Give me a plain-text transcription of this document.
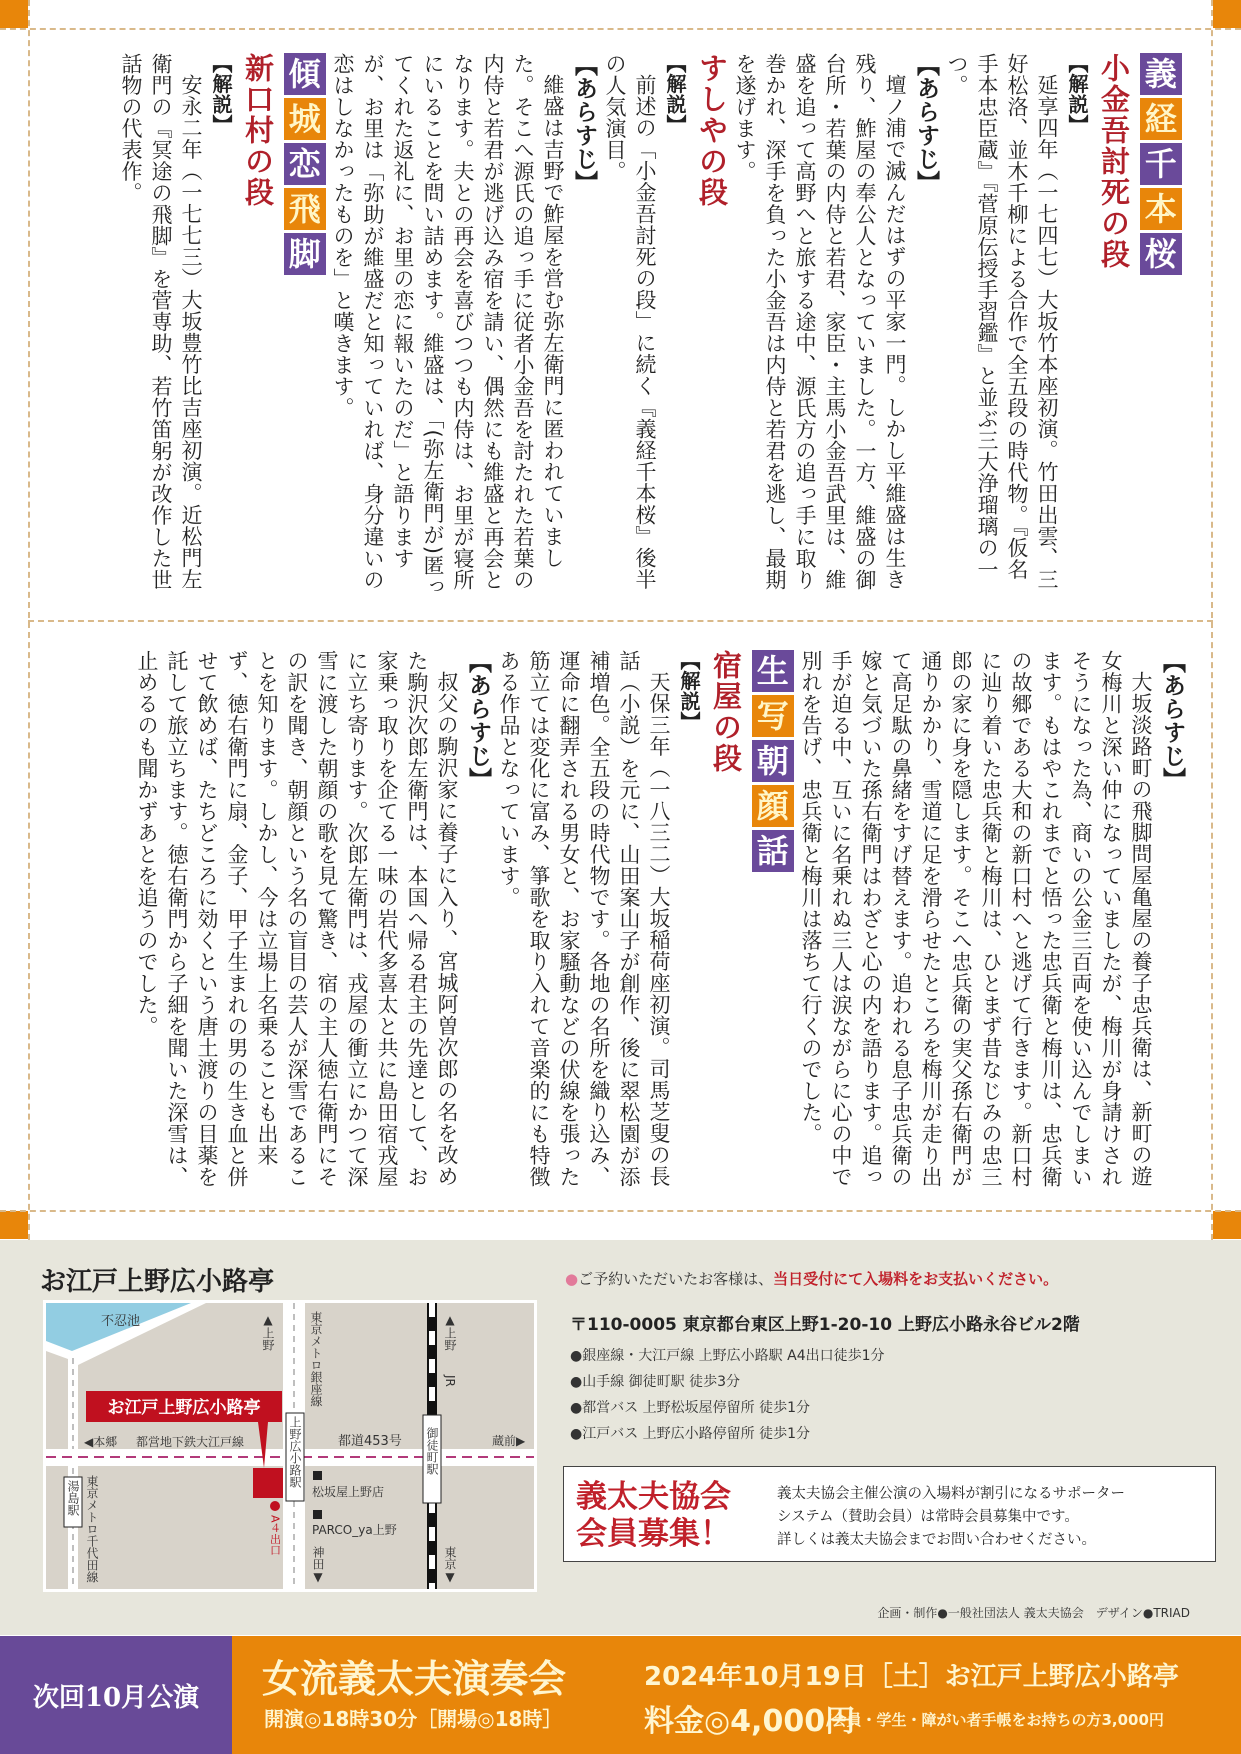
義経千本桜
小金吾討死の段
【解説】

延享四年（一七四七）大坂竹本座初演。竹田出雲、三好松洛、並木千柳による合作で全五段の時代物。『仮名手本忠臣蔵』『菅原伝授手習鑑』と並ぶ三大浄瑠璃の一つ。

【あらすじ】

壇ノ浦で滅んだはずの平家一門。しかし平維盛は生き残り、鮓屋の奉公人となっていました。一方、維盛の御台所・若葉の内侍と若君、家臣・主馬小金吾武里は、維盛を追って高野へと旅する途中、源氏方の追っ手に取り巻かれ、深手を負った小金吾は内侍と若君を逃し、最期を遂げます。

すしやの段
【解説】

前述の「小金吾討死の段」に続く『義経千本桜』後半の人気演目。

【あらすじ】

維盛は吉野で鮓屋を営む弥左衛門に匿われていました。そこへ源氏の追っ手に従者小金吾を討たれた若葉の内侍と若君が逃げ込み宿を請い、偶然にも維盛と再会となります。夫との再会を喜びつつも内侍は、お里が寝所にいることを問い詰めます。維盛は、「(弥左衛門が)匿ってくれた返礼に、お里の恋に報いたのだ」と語りますが、お里は「弥助が維盛だと知っていれば、身分違いの恋はしなかったものを」と嘆きます。

傾城恋飛脚
新口村の段
【解説】

安永二年（一七七三）大坂豊竹比吉座初演。近松門左衛門の『冥途の飛脚』を菅専助、若竹笛躬が改作した世話物の代表作。

【あらすじ】

大坂淡路町の飛脚問屋亀屋の養子忠兵衛は、新町の遊女梅川と深い仲になっていましたが、梅川が身請けされそうになった為、商いの公金三百両を使い込んでしまいます。もはやこれまでと悟った忠兵衛と梅川は、忠兵衛の故郷である大和の新口村へと逃げて行きます。新口村に辿り着いた忠兵衛と梅川は、ひとまず昔なじみの忠三郎の家に身を隠します。そこへ忠兵衛の実父孫右衛門が通りかかり、雪道に足を滑らせたところを梅川が走り出て高足駄の鼻緒をすげ替えます。追われる息子忠兵衛の嫁と気づいた孫右衛門はわざと心の内を語ります。追っ手が迫る中、互いに名乗れぬ三人は涙ながらに心の中で別れを告げ、忠兵衛と梅川は落ちて行くのでした。

生写朝顔話
宿屋の段
【解説】

天保三年（一八三二）大坂稲荷座初演。司馬芝叟の長話（小説）を元に、山田案山子が創作、後に翠松園が添補増色。全五段の時代物です。各地の名所を織り込み、運命に翻弄される男女と、お家騒動などの伏線を張った筋立ては変化に富み、箏歌を取り入れて音楽的にも特徴ある作品となっています。

【あらすじ】

叔父の駒沢家に養子に入り、宮城阿曽次郎の名を改めた駒沢次郎左衛門は、本国へ帰る君主の先達として、お家乗っ取りを企てる一味の岩代多喜太と共に島田宿戎屋に立ち寄ります。次郎左衛門は、戎屋の衝立にかつて深雪に渡した朝顔の歌を見て驚き、宿の主人徳右衛門にその訳を聞き、朝顔という名の盲目の芸人が深雪であることを知ります。しかし、今は立場上名乗ることも出来ず、徳右衛門に扇、金子、甲子生まれの男の生き血と併せて飲めば、たちどころに効くという唐土渡りの目薬を託して旅立ちます。徳右衛門から子細を聞いた深雪は、止めるのも聞かずあとを追うのでした。

お江戸上野広小路亭
不忍池	▲上野	▲上野
東京メトロ銀座線	JR
都道453号	蔵前▶
◀本郷 都営地下鉄大江戸線
お江戸上野広小路亭
A４出口
上野広小路駅	御徒町駅
湯島駅 東京メトロ千代田線	松坂屋上野店
PARCO_ya上野
神田▼	東京▼
●ご予約いただいたお客様は、当日受付にて入場料をお支払いください。
〒110-0005 東京都台東区上野1-20-10 上野広小路永谷ビル2階
●銀座線・大江戸線 上野広小路駅 A4出口徒歩1分
●山手線 御徒町駅 徒歩3分
●都営バス 上野松坂屋停留所 徒歩1分
●江戸バス 上野広小路停留所 徒歩1分
義太夫協会
会員募集！
義太夫協会主催公演の入場料が割引になるサポーター
システム（賛助会員）は常時会員募集中です。
詳しくは義太夫協会までお問い合わせください。
企画・制作●一般社団法人 義太夫協会　デザイン●TRIAD
次回10月公演 女流義太夫演奏会	2024年10月19日［土］お江戸上野広小路亭
開演◎18時30分［開場◎18時］	料金◎4,000円
/会員・学生・障がい者手帳をお持ちの方3,000円
